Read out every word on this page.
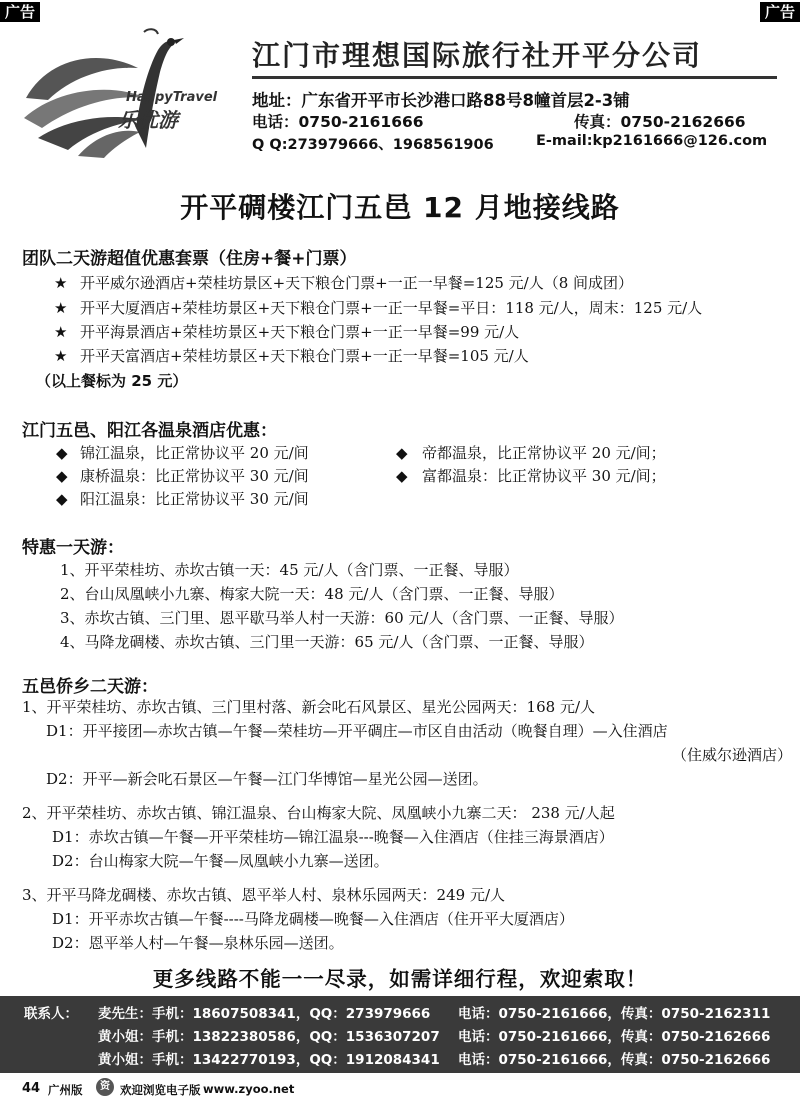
广告	广告
HappyTravel
乐优游
江门市理想国际旅行社开平分公司
地址：广东省开平市长沙港口路88号8幢首层2-3铺
电话：0750-2161666	传真：0750-2162666
Q Q:273979666、1968561906	E-mail:kp2161666@126.com
开平碉楼江门五邑 12 月地接线路
团队二天游超值优惠套票（住房+餐+门票）
★ 开平威尔逊酒店+荣桂坊景区+天下粮仓门票+一正一早餐=125 元/人（8 间成团）
★ 开平大厦酒店+荣桂坊景区+天下粮仓门票+一正一早餐=平日：118 元/人，周末：125 元/人
★ 开平海景酒店+荣桂坊景区+天下粮仓门票+一正一早餐=99 元/人
★ 开平天富酒店+荣桂坊景区+天下粮仓门票+一正一早餐=105 元/人
（以上餐标为 25 元）
江门五邑、阳江各温泉酒店优惠：
◆ 锦江温泉，比正常协议平 20 元/间
◆ 康桥温泉：比正常协议平 30 元/间
◆ 阳江温泉：比正常协议平 30 元/间
◆ 帝都温泉，比正常协议平 20 元/间；
◆ 富都温泉：比正常协议平 30 元/间；
特惠一天游：
1、开平荣桂坊、赤坎古镇一天：45 元/人（含门票、一正餐、导服）
2、台山凤凰峡小九寨、梅家大院一天：48 元/人（含门票、一正餐、导服）
3、赤坎古镇、三门里、恩平歇马举人村一天游：60 元/人（含门票、一正餐、导服）
4、马降龙碉楼、赤坎古镇、三门里一天游：65 元/人（含门票、一正餐、导服）
五邑侨乡二天游：
1、开平荣桂坊、赤坎古镇、三门里村落、新会叱石风景区、星光公园两天：168 元/人
D1：开平接团—赤坎古镇—午餐—荣桂坊—开平碉庄—市区自由活动（晚餐自理）—入住酒店
（住威尔逊酒店）
D2：开平—新会叱石景区—午餐—江门华博馆—星光公园—送团。
2、开平荣桂坊、赤坎古镇、锦江温泉、台山梅家大院、凤凰峡小九寨二天： 238 元/人起
D1：赤坎古镇—午餐—开平荣桂坊—锦江温泉---晚餐—入住酒店（住挂三海景酒店）
D2：台山梅家大院—午餐—凤凰峡小九寨—送团。
3、开平马降龙碉楼、赤坎古镇、恩平举人村、泉林乐园两天：249 元/人
D1：开平赤坎古镇—午餐----马降龙碉楼—晚餐—入住酒店（住开平大厦酒店）
D2：恩平举人村—午餐—泉林乐园—送团。
更多线路不能一一尽录，如需详细行程，欢迎索取！
联系人： 麦先生：手机：18607508341，QQ：273979666 电话：0750-2161666，传真：0750-2162311
黄小姐：手机：13822380586，QQ：1536307207 电话：0750-2161666，传真：0750-2162666
黄小姐：手机：13422770193，QQ：1912084341 电话：0750-2161666，传真：0750-2162666
44 广州版	资 欢迎浏览电子版 www.zyoo.net
